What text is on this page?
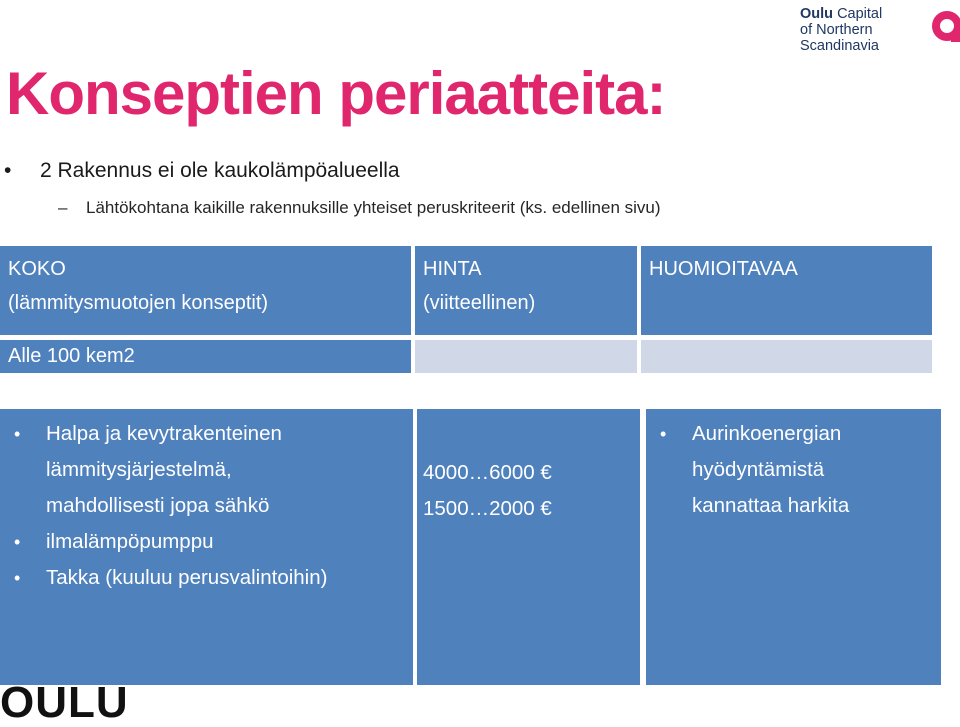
Oulu Capital
of Northern
Scandinavia
Konseptien periaatteita:
• 2 Rakennus ei ole kaukolämpöalueella
– Lähtökohtana kaikille rakennuksille yhteiset peruskriteerit (ks. edellinen sivu)
KOKO
(lämmitysmuotojen konseptit)
HINTA
(viitteellinen)
HUOMIOITAVAA
Alle 100 kem2
• Halpa ja kevytrakenteinen
lämmitysjärjestelmä,
mahdollisesti jopa sähkö
• ilmalämpöpumppu
• Takka (kuuluu perusvalintoihin)
4000…6000 €
1500…2000 €
• Aurinkoenergian
hyödyntämistä
kannattaa harkita
OULU
